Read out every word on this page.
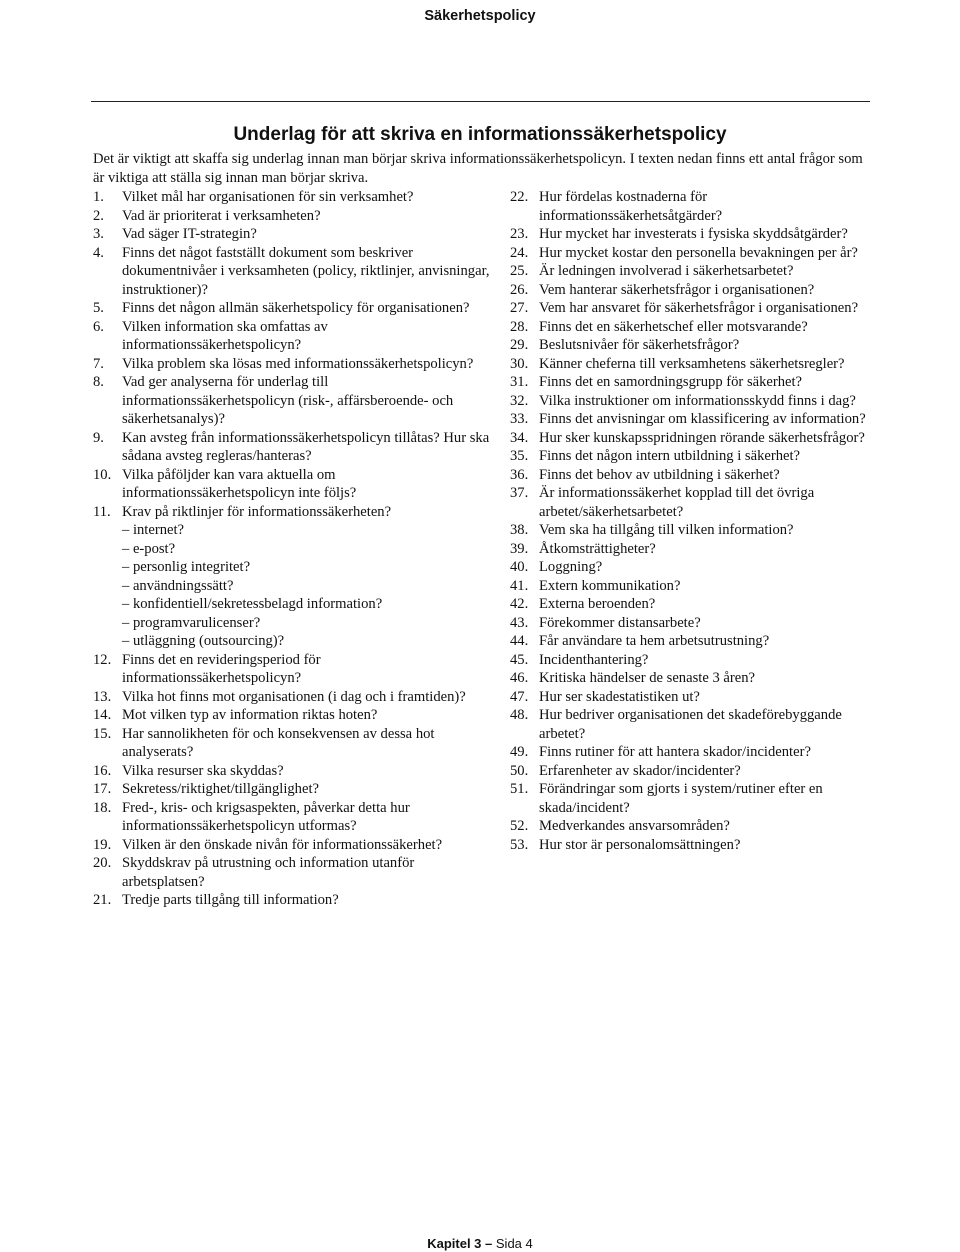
Säkerhetspolicy
Underlag för att skriva en informationssäkerhetspolicy
Det är viktigt att skaffa sig underlag innan man börjar skriva informationssäkerhetspolicyn. I texten nedan finns ett antal frågor som är viktiga att ställa sig innan man börjar skriva.
1. Vilket mål har organisationen för sin verksamhet?
2. Vad är prioriterat i verksamheten?
3. Vad säger IT-strategin?
4. Finns det något fastställt dokument som beskriver dokumentnivåer i verksamheten (policy, riktlinjer, anvisningar, instruktioner)?
5. Finns det någon allmän säkerhetspolicy för organisationen?
6. Vilken information ska omfattas av informationssäkerhetspolicyn?
7. Vilka problem ska lösas med informationssäkerhetspolicyn?
8. Vad ger analyserna för underlag till informationssäkerhetspolicyn (risk-, affärsberoende- och säkerhetsanalys)?
9. Kan avsteg från informationssäkerhetspolicyn tillåtas? Hur ska sådana avsteg regleras/hanteras?
10. Vilka påföljder kan vara aktuella om informationssäkerhetspolicyn inte följs?
11. Krav på riktlinjer för informationssäkerheten?
– internet?
– e-post?
– personlig integritet?
– användningssätt?
– konfidentiell/sekretessbelagd information?
– programvarulicenser?
– utläggning (outsourcing)?
12. Finns det en revideringsperiod för informationssäkerhetspolicyn?
13. Vilka hot finns mot organisationen (i dag och i framtiden)?
14. Mot vilken typ av information riktas hoten?
15. Har sannolikheten för och konsekvensen av dessa hot analyserats?
16. Vilka resurser ska skyddas?
17. Sekretess/riktighet/tillgänglighet?
18. Fred-, kris- och krigsaspekten, påverkar detta hur informationssäkerhetspolicyn utformas?
19. Vilken är den önskade nivån för informationssäkerhet?
20. Skyddskrav på utrustning och information utanför arbetsplatsen?
21. Tredje parts tillgång till information?
22. Hur fördelas kostnaderna för informationssäkerhetsåtgärder?
23. Hur mycket har investerats i fysiska skyddsåtgärder?
24. Hur mycket kostar den personella bevakningen per år?
25. Är ledningen involverad i säkerhetsarbetet?
26. Vem hanterar säkerhetsfrågor i organisationen?
27. Vem har ansvaret för säkerhetsfrågor i organisationen?
28. Finns det en säkerhetschef eller motsvarande?
29. Beslutsnivåer för säkerhetsfrågor?
30. Känner cheferna till verksamhetens säkerhetsregler?
31. Finns det en samordningsgrupp för säkerhet?
32. Vilka instruktioner om informationsskydd finns i dag?
33. Finns det anvisningar om klassificering av information?
34. Hur sker kunskapsspridningen rörande säkerhetsfrågor?
35. Finns det någon intern utbildning i säkerhet?
36. Finns det behov av utbildning i säkerhet?
37. Är informationssäkerhet kopplad till det övriga arbetet/säkerhetsarbetet?
38. Vem ska ha tillgång till vilken information?
39. Åtkomsträttigheter?
40. Loggning?
41. Extern kommunikation?
42. Externa beroenden?
43. Förekommer distansarbete?
44. Får användare ta hem arbetsutrustning?
45. Incidenthantering?
46. Kritiska händelser de senaste 3 åren?
47. Hur ser skadestatistiken ut?
48. Hur bedriver organisationen det skadeförebyggande arbetet?
49. Finns rutiner för att hantera skador/incidenter?
50. Erfarenheter av skador/incidenter?
51. Förändringar som gjorts i system/rutiner efter en skada/incident?
52. Medverkandes ansvarsområden?
53. Hur stor är personalomsättningen?
Kapitel 3 – Sida 4
